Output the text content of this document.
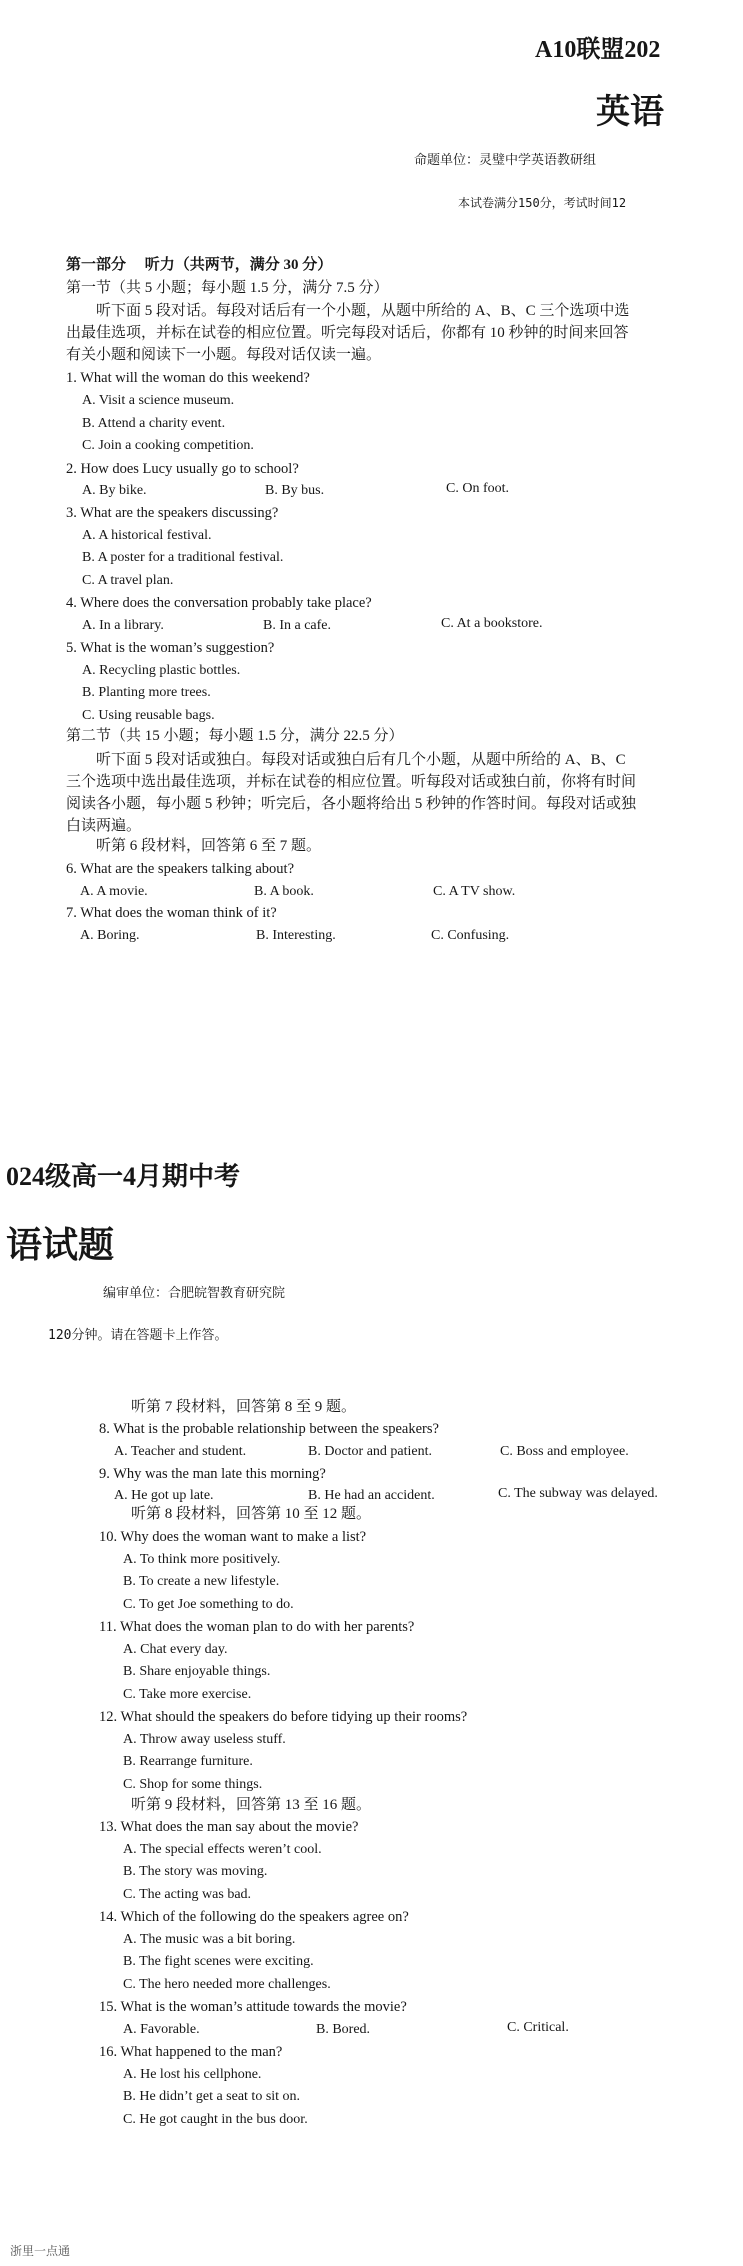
A10联盟202
英语
命题单位：灵璧中学英语教研组
本试卷满分150分，考试时间12
第一部分　 听力（共两节，满分 30 分）
第一节（共 5 小题；每小题 1.5 分，满分 7.5 分）
听下面 5 段对话。每段对话后有一个小题，从题中所给的 A、B、C 三个选项中选出最佳选项，并标在试卷的相应位置。听完每段对话后，你都有 10 秒钟的时间来回答有关小题和阅读下一小题。每段对话仅读一遍。
1. What will the woman do this weekend?
A. Visit a science museum.
B. Attend a charity event.
C. Join a cooking competition.
2. How does Lucy usually go to school?
A. By bike.	B. By bus.	C. On foot.
3. What are the speakers discussing?
A. A historical festival.
B. A poster for a traditional festival.
C. A travel plan.
4. Where does the conversation probably take place?
A. In a library.	B. In a cafe.	C. At a bookstore.
5. What is the woman’s suggestion?
A. Recycling plastic bottles.
B. Planting more trees.
C. Using reusable bags.
第二节（共 15 小题；每小题 1.5 分，满分 22.5 分）
听下面 5 段对话或独白。每段对话或独白后有几个小题，从题中所给的 A、B、C 三个选项中选出最佳选项，并标在试卷的相应位置。听每段对话或独白前，你将有时间阅读各小题，每小题 5 秒钟；听完后，各小题将给出 5 秒钟的作答时间。每段对话或独白读两遍。
听第 6 段材料，回答第 6 至 7 题。
6. What are the speakers talking about?
A. A movie.	B. A book.	C. A TV show.
7. What does the woman think of it?
A. Boring.	B. Interesting.	C. Confusing.
024级高一4月期中考
语试题
编审单位：合肥皖智教育研究院
120分钟。请在答题卡上作答。
听第 7 段材料，回答第 8 至 9 题。
8. What is the probable relationship between the speakers?
A. Teacher and student.	B. Doctor and patient.	C. Boss and employee.
9. Why was the man late this morning?
A. He got up late.	B. He had an accident.	C. The subway was delayed.
听第 8 段材料，回答第 10 至 12 题。
10. Why does the woman want to make a list?
A. To think more positively.
B. To create a new lifestyle.
C. To get Joe something to do.
11. What does the woman plan to do with her parents?
A. Chat every day.
B. Share enjoyable things.
C. Take more exercise.
12. What should the speakers do before tidying up their rooms?
A. Throw away useless stuff.
B. Rearrange furniture.
C. Shop for some things.
听第 9 段材料，回答第 13 至 16 题。
13. What does the man say about the movie?
A. The special effects weren’t cool.
B. The story was moving.
C. The acting was bad.
14. Which of the following do the speakers agree on?
A. The music was a bit boring.
B. The fight scenes were exciting.
C. The hero needed more challenges.
15. What is the woman’s attitude towards the movie?
A. Favorable.	B. Bored.	C. Critical.
16. What happened to the man?
A. He lost his cellphone.
B. He didn’t get a seat to sit on.
C. He got caught in the bus door.
浙里一点通
